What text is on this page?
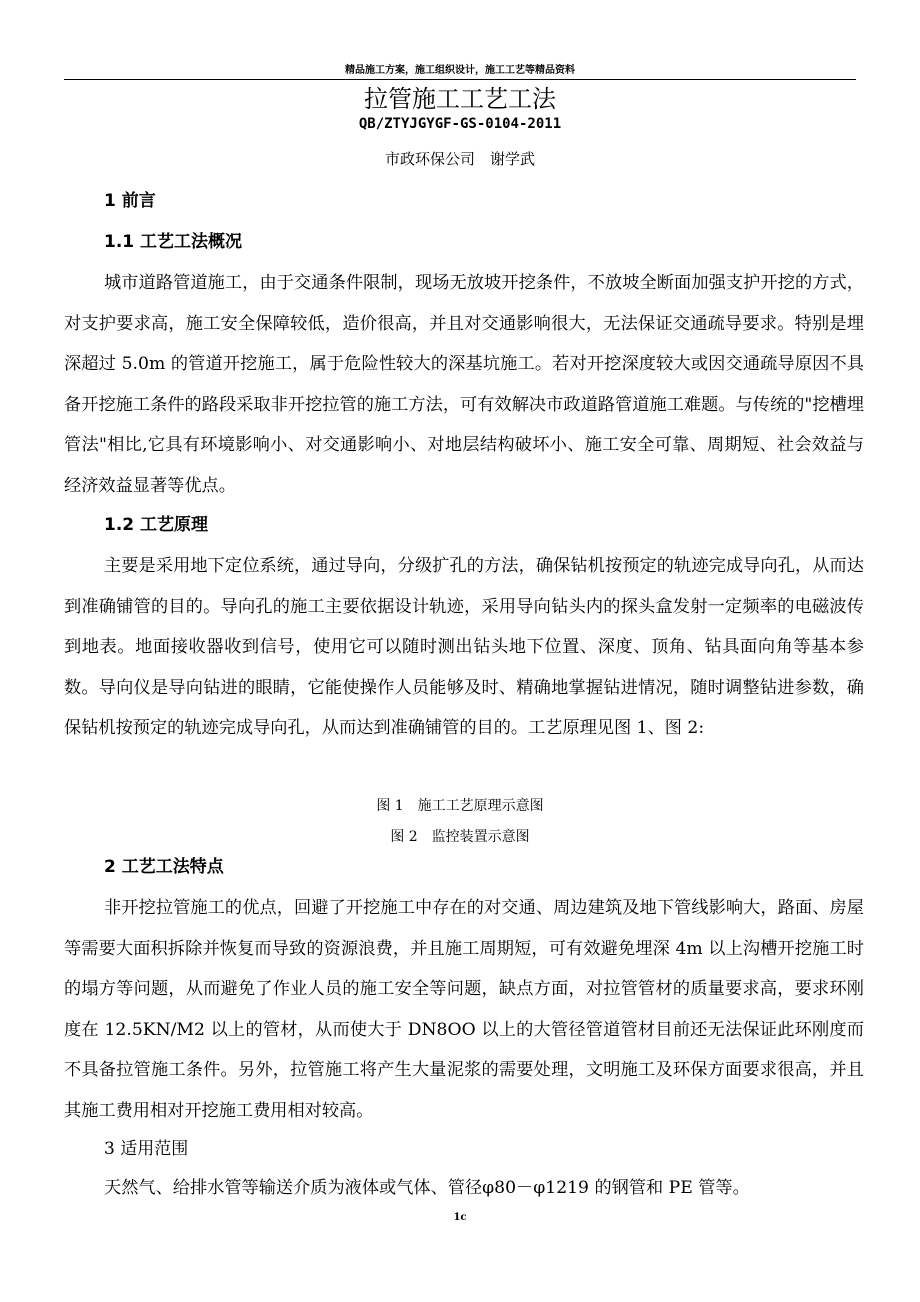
精品施工方案，施工组织设计，施工工艺等精品资料
拉管施工工艺工法
QB/ZTYJGYGF-GS-0104-2011
市政环保公司　谢学武
1 前言
1.1 工艺工法概况

城市道路管道施工，由于交通条件限制，现场无放坡开挖条件，不放坡全断面加强支护开挖的方式，对支护要求高，施工安全保障较低，造价很高，并且对交通影响很大，无法保证交通疏导要求。特别是埋深超过 5.0m 的管道开挖施工，属于危险性较大的深基坑施工。若对开挖深度较大或因交通疏导原因不具备开挖施工条件的路段采取非开挖拉管的施工方法，可有效解决市政道路管道施工难题。与传统的"挖槽埋管法"相比,它具有环境影响小、对交通影响小、对地层结构破坏小、施工安全可靠、周期短、社会效益与经济效益显著等优点。

1.2 工艺原理

主要是采用地下定位系统，通过导向，分级扩孔的方法，确保钻机按预定的轨迹完成导向孔，从而达到准确铺管的目的。导向孔的施工主要依据设计轨迹，采用导向钻头内的探头盒发射一定频率的电磁波传到地表。地面接收器收到信号，使用它可以随时测出钻头地下位置、深度、顶角、钻具面向角等基本参数。导向仪是导向钻进的眼睛，它能使操作人员能够及时、精确地掌握钻进情况，随时调整钻进参数，确保钻机按预定的轨迹完成导向孔，从而达到准确铺管的目的。工艺原理见图 1、图 2:

图 1　施工工艺原理示意图
图 2　监控装置示意图
2 工艺工法特点

非开挖拉管施工的优点，回避了开挖施工中存在的对交通、周边建筑及地下管线影响大，路面、房屋等需要大面积拆除并恢复而导致的资源浪费，并且施工周期短，可有效避免埋深 4m 以上沟槽开挖施工时的塌方等问题，从而避免了作业人员的施工安全等问题，缺点方面，对拉管管材的质量要求高，要求环刚度在 12.5KN/M2 以上的管材，从而使大于 DN8OO 以上的大管径管道管材目前还无法保证此环刚度而不具备拉管施工条件。另外，拉管施工将产生大量泥浆的需要处理，文明施工及环保方面要求很高，并且其施工费用相对开挖施工费用相对较高。

3 适用范围

天然气、给排水管等输送介质为液体或气体、管径φ80－φ1219 的钢管和 PE 管等。

1c
